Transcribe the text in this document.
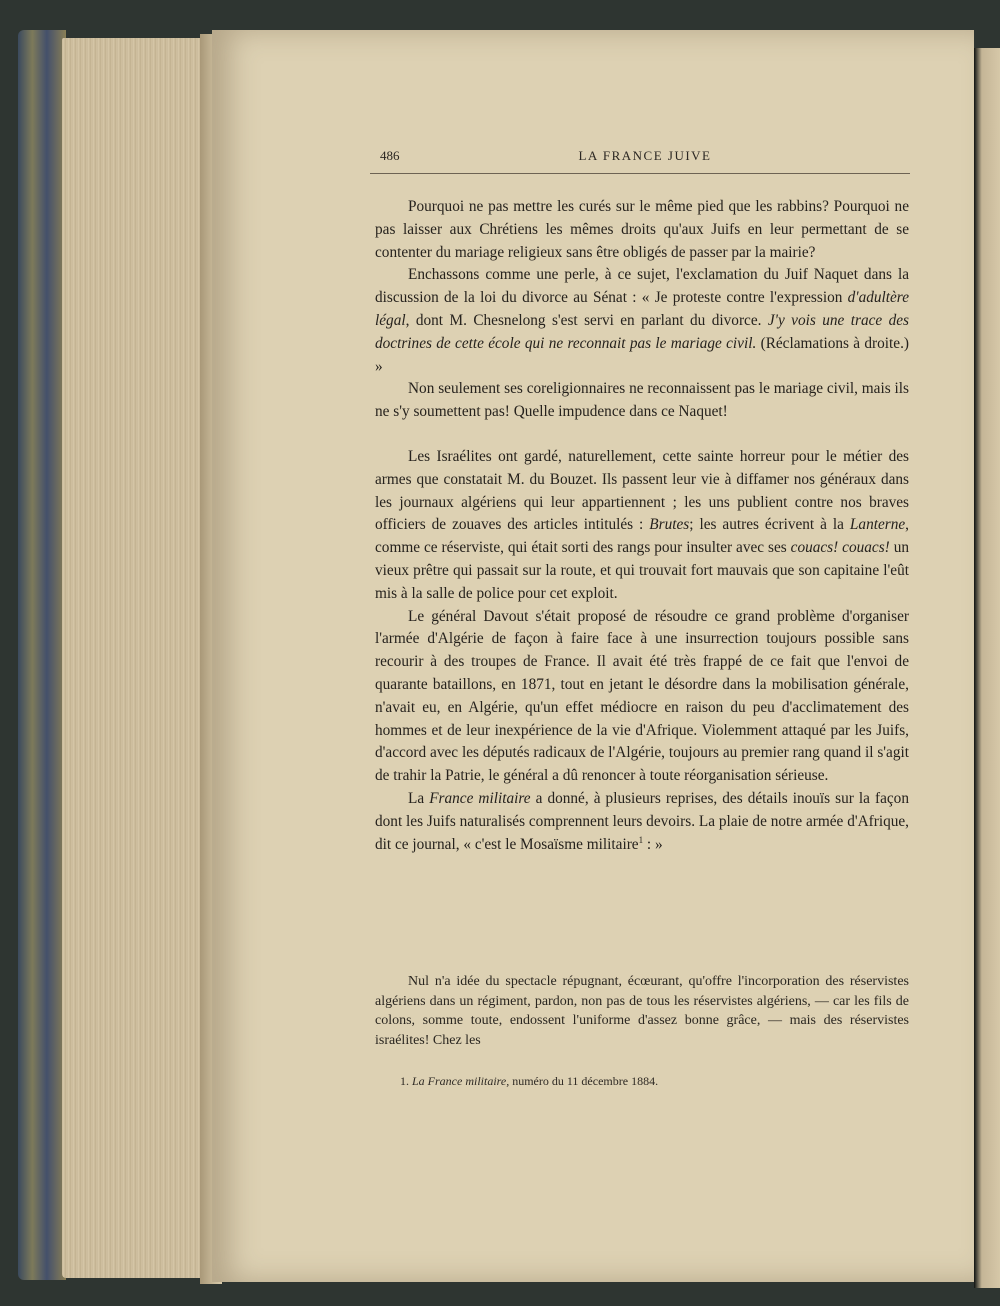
486	LA FRANCE JUIVE

Pourquoi ne pas mettre les curés sur le même pied que les rabbins? Pourquoi ne pas laisser aux Chrétiens les mêmes droits qu'aux Juifs en leur permettant de se contenter du mariage religieux sans être obligés de passer par la mairie?

Enchassons comme une perle, à ce sujet, l'exclamation du Juif Naquet dans la discussion de la loi du divorce au Sénat : « Je proteste contre l'expression d'adultère légal, dont M. Chesnelong s'est servi en parlant du divorce. J'y vois une trace des doctrines de cette école qui ne reconnait pas le mariage civil. (Réclamations à droite.) »

Non seulement ses coreligionnaires ne reconnaissent pas le mariage civil, mais ils ne s'y soumettent pas! Quelle impudence dans ce Naquet!

Les Israélites ont gardé, naturellement, cette sainte horreur pour le métier des armes que constatait M. du Bouzet. Ils passent leur vie à diffamer nos généraux dans les journaux algériens qui leur appartiennent ; les uns publient contre nos braves officiers de zouaves des articles intitulés : Brutes; les autres écrivent à la Lanterne, comme ce réserviste, qui était sorti des rangs pour insulter avec ses couacs! couacs! un vieux prêtre qui passait sur la route, et qui trouvait fort mauvais que son capitaine l'eût mis à la salle de police pour cet exploit.

Le général Davout s'était proposé de résoudre ce grand problème d'organiser l'armée d'Algérie de façon à faire face à une insurrection toujours possible sans recourir à des troupes de France. Il avait été très frappé de ce fait que l'envoi de quarante bataillons, en 1871, tout en jetant le désordre dans la mobilisation générale, n'avait eu, en Algérie, qu'un effet médiocre en raison du peu d'acclimatement des hommes et de leur inexpérience de la vie d'Afrique. Violemment attaqué par les Juifs, d'accord avec les députés radicaux de l'Algérie, toujours au premier rang quand il s'agit de trahir la Patrie, le général a dû renoncer à toute réorganisation sérieuse.

La France militaire a donné, à plusieurs reprises, des détails inouïs sur la façon dont les Juifs naturalisés comprennent leurs devoirs. La plaie de notre armée d'Afrique, dit ce journal, « c'est le Mosaïsme militaire$^1$ : »

Nul n'a idée du spectacle répugnant, écœurant, qu'offre l'incorporation des réservistes algériens dans un régiment, pardon, non pas de tous les réservistes algériens, — car les fils de colons, somme toute, endossent l'uniforme d'assez bonne grâce, — mais des réservistes israélites! Chez les

1. La France militaire, numéro du 11 décembre 1884.
